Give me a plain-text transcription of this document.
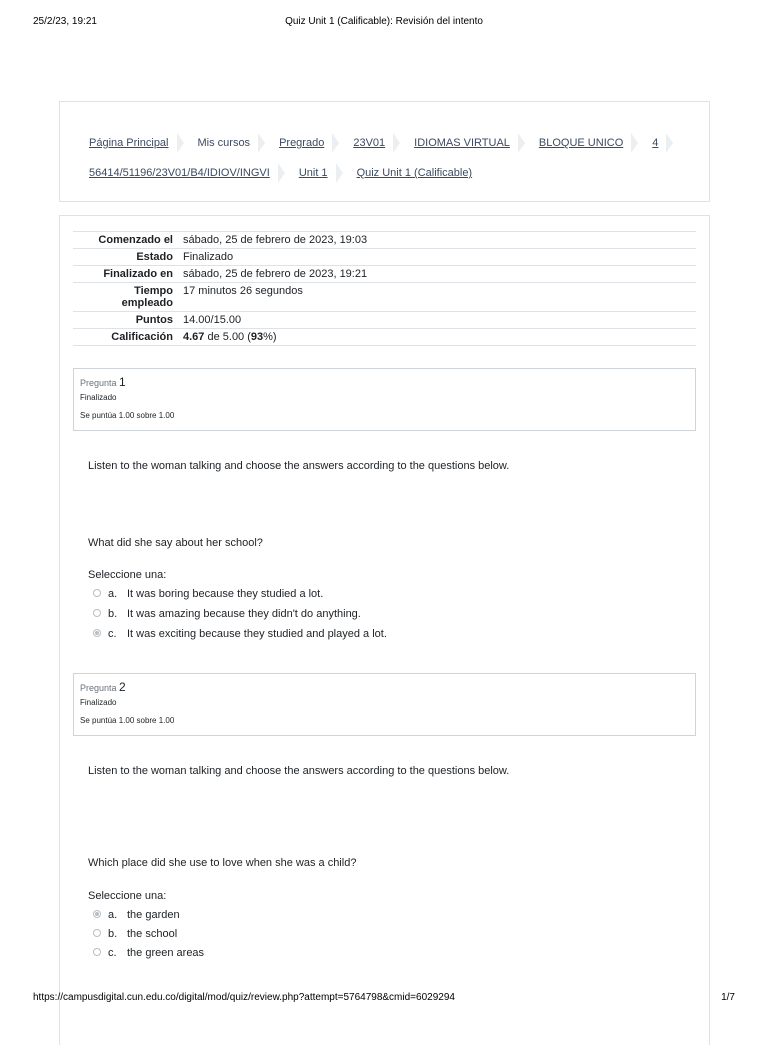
25/2/23, 19:21	Quiz Unit 1 (Calificable): Revisión del intento
Página Principal	Mis cursos	Pregrado	23V01	IDIOMAS VIRTUAL	BLOQUE UNICO	456414/51196/23V01/B4/IDIOV/INGVI	Unit 1	Quiz Unit 1 (Calificable)
Comenzado el	sábado, 25 de febrero de 2023, 19:03
Estado	Finalizado
Finalizado en	sábado, 25 de febrero de 2023, 19:21
Tiempo
empleado	17 minutos 26 segundos
Puntos	14.00/15.00
Calificación	4.67 de 5.00 (93%)
Pregunta 1
Finalizado
Se puntúa 1.00 sobre 1.00
Listen to the woman talking and choose the answers according to the questions below.
What did she say about her school?
Seleccione una:
a. It was boring because they studied a lot.
b. It was amazing because they didn't do anything.
c. It was exciting because they studied and played a lot.
Pregunta 2
Finalizado
Se puntúa 1.00 sobre 1.00
Listen to the woman talking and choose the answers according to the questions below.
Which place did she use to love when she was a child?
Seleccione una:
a. the garden
b. the school
c. the green areas
https://campusdigital.cun.edu.co/digital/mod/quiz/review.php?attempt=5764798&cmid=6029294	1/7
